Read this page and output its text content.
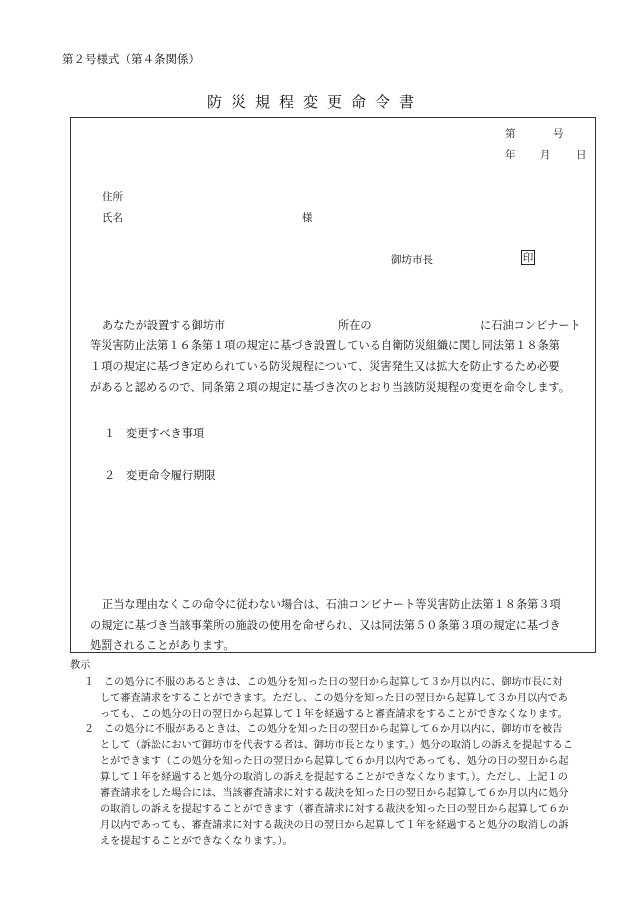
第２号様式（第４条関係）
防災規程変更命令書
第	号
年 月 日
住所
氏名	様
御坊市長	印
あなたが設置する御坊市	所在の	に石油コンビナート
等災害防止法第１６条第１項の規定に基づき設置している自衛防災組織に関し同法第１８条第
１項の規定に基づき定められている防災規程について、災害発生又は拡大を防止するため必要
があると認めるので、同条第２項の規定に基づき次のとおり当該防災規程の変更を命令します。
１ 変更すべき事項
２ 変更命令履行期限
正当な理由なくこの命令に従わない場合は、石油コンビナート等災害防止法第１８条第３項
の規定に基づき当該事業所の施設の使用を命ぜられ、又は同法第５０条第３項の規定に基づき
処罰されることがあります。
教示
１ この処分に不服のあるときは、この処分を知った日の翌日から起算して３か月以内に、御坊市長に対
して審査請求をすることができます。ただし、この処分を知った日の翌日から起算して３か月以内であ
っても、この処分の日の翌日から起算して１年を経過すると審査請求をすることができなくなります。
２ この処分に不服があるときは、この処分を知った日の翌日から起算して６か月以内に、御坊市を被告
として（訴訟において御坊市を代表する者は、御坊市長となります。）処分の取消しの訴えを提起するこ
とができます（この処分を知った日の翌日から起算して６か月以内であっても、処分の日の翌日から起
算して１年を経過すると処分の取消しの訴えを提起することができなくなります。）。ただし、上記１の
審査請求をした場合には、当該審査請求に対する裁決を知った日の翌日から起算して６か月以内に処分
の取消しの訴えを提起することができます（審査請求に対する裁決を知った日の翌日から起算して６か
月以内であっても、審査請求に対する裁決の日の翌日から起算して１年を経過すると処分の取消しの訴
えを提起することができなくなります。）。
